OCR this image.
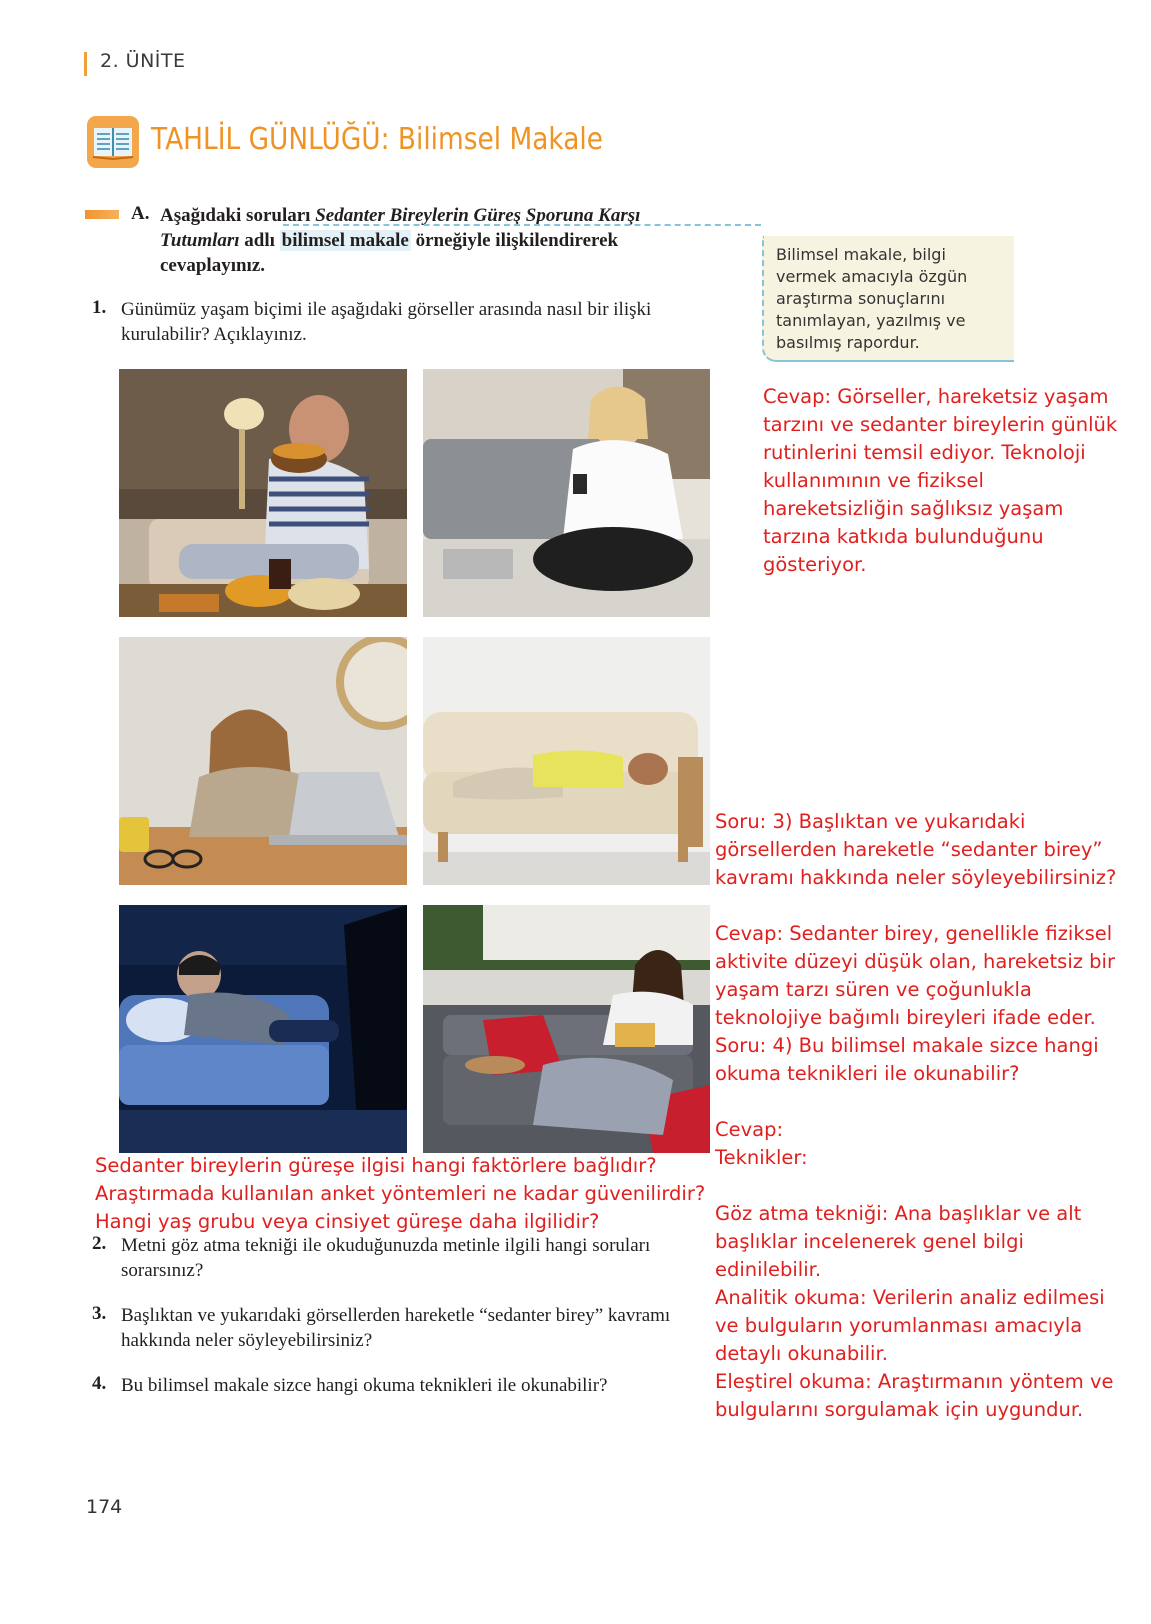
2. ÜNİTE
TAHLİL GÜNLÜĞÜ: Bilimsel Makale
A. Aşağıdaki soruları Sedanter Bireylerin Güreş Sporuna Karşı Tutumları adlı bilimsel makale örneğiyle ilişkilendirerek cevaplayınız.
Bilimsel makale, bilgi vermek amacıyla özgün araştırma sonuçlarını tanımlayan, yazılmış ve basılmış rapordur.
1. Günümüz yaşam biçimi ile aşağıdaki görseller arasında nasıl bir ilişki kurulabilir? Açıklayınız.
Cevap: Görseller, hareketsiz yaşam
tarzını ve sedanter bireylerin günlük
rutinlerini temsil ediyor. Teknoloji
kullanımının ve fiziksel
hareketsizliğin sağlıksız yaşam
tarzına katkıda bulunduğunu
gösteriyor.
Soru: 3) Başlıktan ve yukarıdaki
görsellerden hareketle “sedanter birey”
kavramı hakkında neler söyleyebilirsiniz?
Cevap: Sedanter birey, genellikle fiziksel
aktivite düzeyi düşük olan, hareketsiz bir
yaşam tarzı süren ve çoğunlukla
teknolojiye bağımlı bireyleri ifade eder.
Soru: 4) Bu bilimsel makale sizce hangi
okuma teknikleri ile okunabilir?
Cevap:
Teknikler:

Göz atma tekniği: Ana başlıklar ve alt
başlıklar incelenerek genel bilgi
edinilebilir.
Analitik okuma: Verilerin analiz edilmesi
ve bulguların yorumlanması amacıyla
detaylı okunabilir.
Eleştirel okuma: Araştırmanın yöntem ve
bulgularını sorgulamak için uygundur.
Sedanter bireylerin güreşe ilgisi hangi faktörlere bağlıdır?
Araştırmada kullanılan anket yöntemleri ne kadar güvenilirdir?
Hangi yaş grubu veya cinsiyet güreşe daha ilgilidir?
2. Metni göz atma tekniği ile okuduğunuzda metinle ilgili hangi soruları sorarsınız?
3. Başlıktan ve yukarıdaki görsellerden hareketle “sedanter birey” kavramı hakkında neler söyleyebilirsiniz?
4. Bu bilimsel makale sizce hangi okuma teknikleri ile okunabilir?
174
